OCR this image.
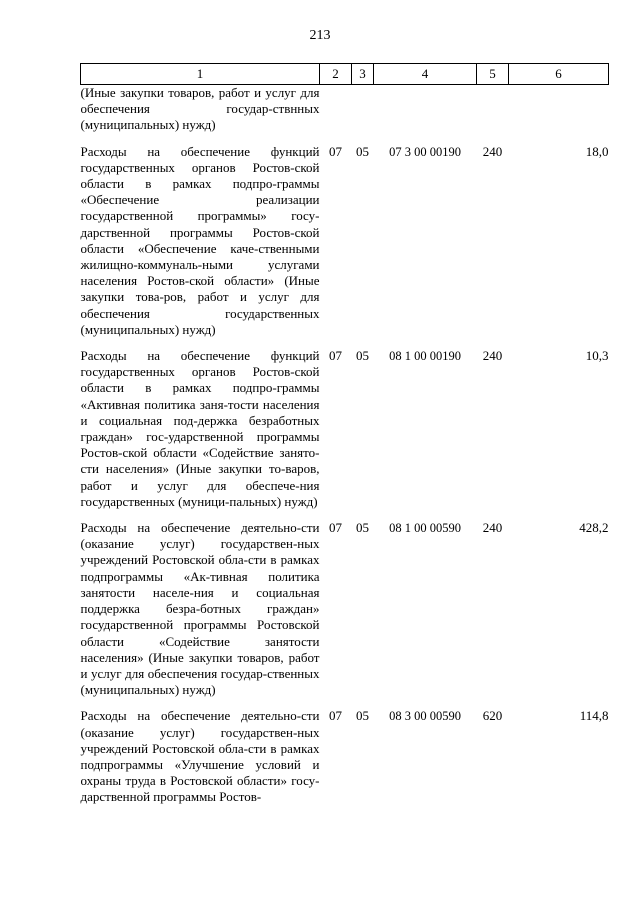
213
1	2	3	4	5	6
(Иные закупки товаров, работ и услуг для обеспечения государ-ствнных (муниципальных) нужд)					
Расходы на обеспечение функций государственных органов Ростов-ской области в рамках подпро-граммы «Обеспечение реализации государственной программы» госу-дарственной программы Ростов-ской области «Обеспечение каче-ственными жилищно-коммуналь-ными услугами населения Ростов-ской области» (Иные закупки това-ров, работ и услуг для обеспечения государственных (муниципальных) нужд)	07	05	07 3 00 00190	240	18,0
Расходы на обеспечение функций государственных органов Ростов-ской области в рамках подпро-граммы «Активная политика заня-тости населения и социальная под-держка безработных граждан» гос-ударственной программы Ростов-ской области «Содействие занято-сти населения» (Иные закупки то-варов, работ и услуг для обеспече-ния государственных (муници-пальных) нужд)	07	05	08 1 00 00190	240	10,3
Расходы на обеспечение деятельно-сти (оказание услуг) государствен-ных учреждений Ростовской обла-сти в рамках подпрограммы «Ак-тивная политика занятости населе-ния и социальная поддержка безра-ботных граждан» государственной программы Ростовской области «Содействие занятости населения» (Иные закупки товаров, работ и услуг для обеспечения государ-ственных (муниципальных) нужд)	07	05	08 1 00 00590	240	428,2
Расходы на обеспечение деятельно-сти (оказание услуг) государствен-ных учреждений Ростовской обла-сти в рамках подпрограммы «Улучшение условий и охраны труда в Ростовской области» госу-дарственной программы Ростов-	07	05	08 3 00 00590	620	114,8
